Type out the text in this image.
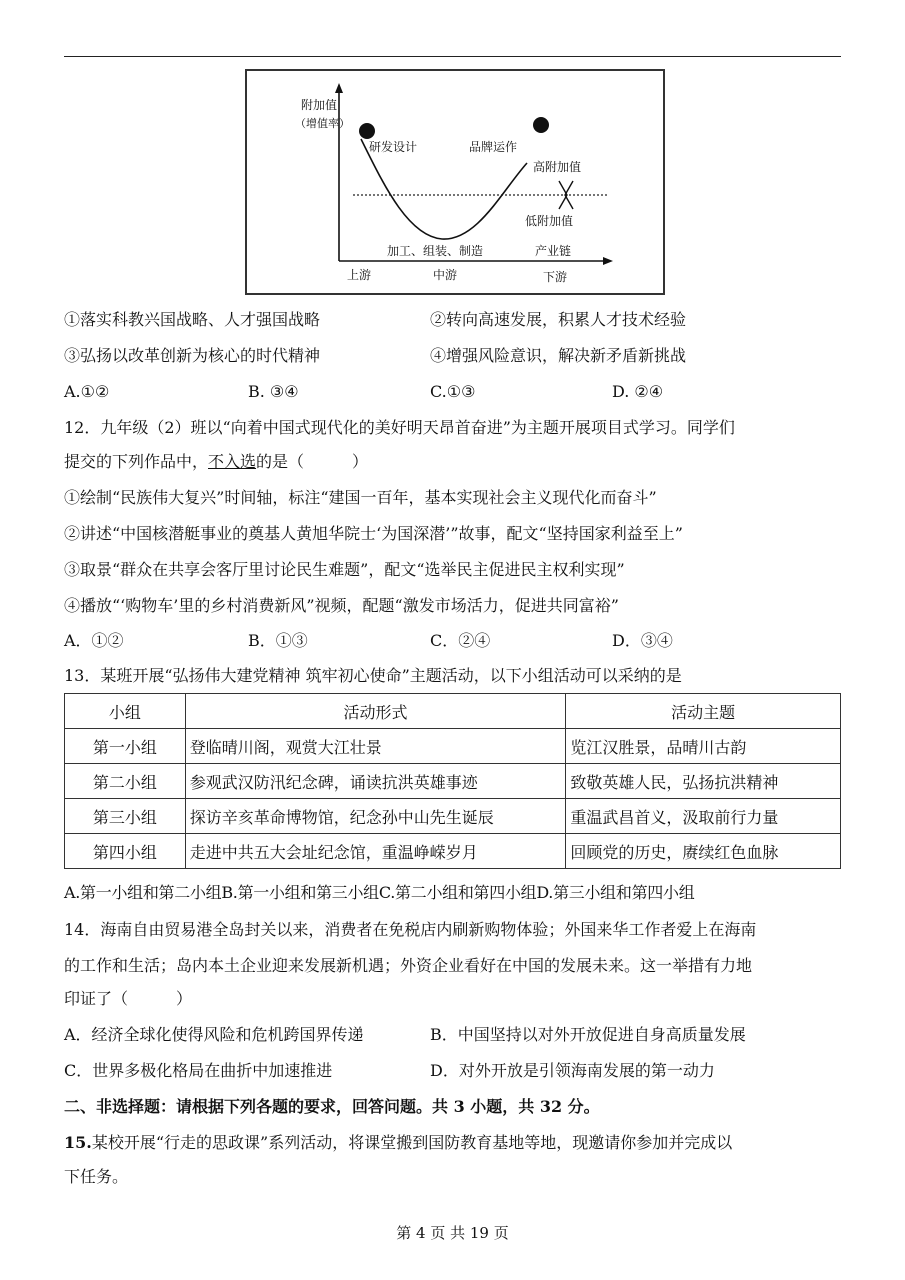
附加值
（增值率）
研发设计	品牌运作
高附加值
低附加值
加工、组装、制造	产业链
上游	中游	下游
①落实科教兴国战略、人才强国战略	②转向高速发展，积累人才技术经验
③弘扬以改革创新为核心的时代精神	④增强风险意识，解决新矛盾新挑战
A.①②	B. ③④	C.①③	D. ②④
12．九年级（2）班以“向着中国式现代化的美好明天昂首奋进”为主题开展项目式学习。同学们
提交的下列作品中，不入选的是（　　　）
①绘制“民族伟大复兴”时间轴，标注“建国一百年，基本实现社会主义现代化而奋斗”
②讲述“中国核潜艇事业的奠基人黄旭华院士‘为国深潜’”故事，配文“坚持国家利益至上”
③取景“群众在共享会客厅里讨论民生难题”，配文“选举民主促进民主权利实现”
④播放“‘购物车’里的乡村消费新风”视频，配题“激发市场活力，促进共同富裕”
A．①②	B．①③	C．②④	D．③④
13．某班开展“弘扬伟大建党精神 筑牢初心使命”主题活动，以下小组活动可以采纳的是
小组	活动形式	活动主题
第一小组	登临晴川阁，观赏大江壮景	览江汉胜景，品晴川古韵
第二小组	参观武汉防汛纪念碑，诵读抗洪英雄事迹	致敬英雄人民，弘扬抗洪精神
第三小组	探访辛亥革命博物馆，纪念孙中山先生诞辰	重温武昌首义，汲取前行力量
第四小组	走进中共五大会址纪念馆，重温峥嵘岁月	回顾党的历史，赓续红色血脉
A.第一小组和第二小组B.第一小组和第三小组C.第二小组和第四小组D.第三小组和第四小组
14．海南自由贸易港全岛封关以来，消费者在免税店内刷新购物体验；外国来华工作者爱上在海南
的工作和生活；岛内本土企业迎来发展新机遇；外资企业看好在中国的发展未来。这一举措有力地
印证了（　　　）
A．经济全球化使得风险和危机跨国界传递	B．中国坚持以对外开放促进自身高质量发展
C．世界多极化格局在曲折中加速推进	D．对外开放是引领海南发展的第一动力
二、非选择题：请根据下列各题的要求，回答问题。共 3 小题，共 32 分。
15.某校开展“行走的思政课”系列活动，将课堂搬到国防教育基地等地，现邀请你参加并完成以
下任务。
第 4 页 共 19 页
